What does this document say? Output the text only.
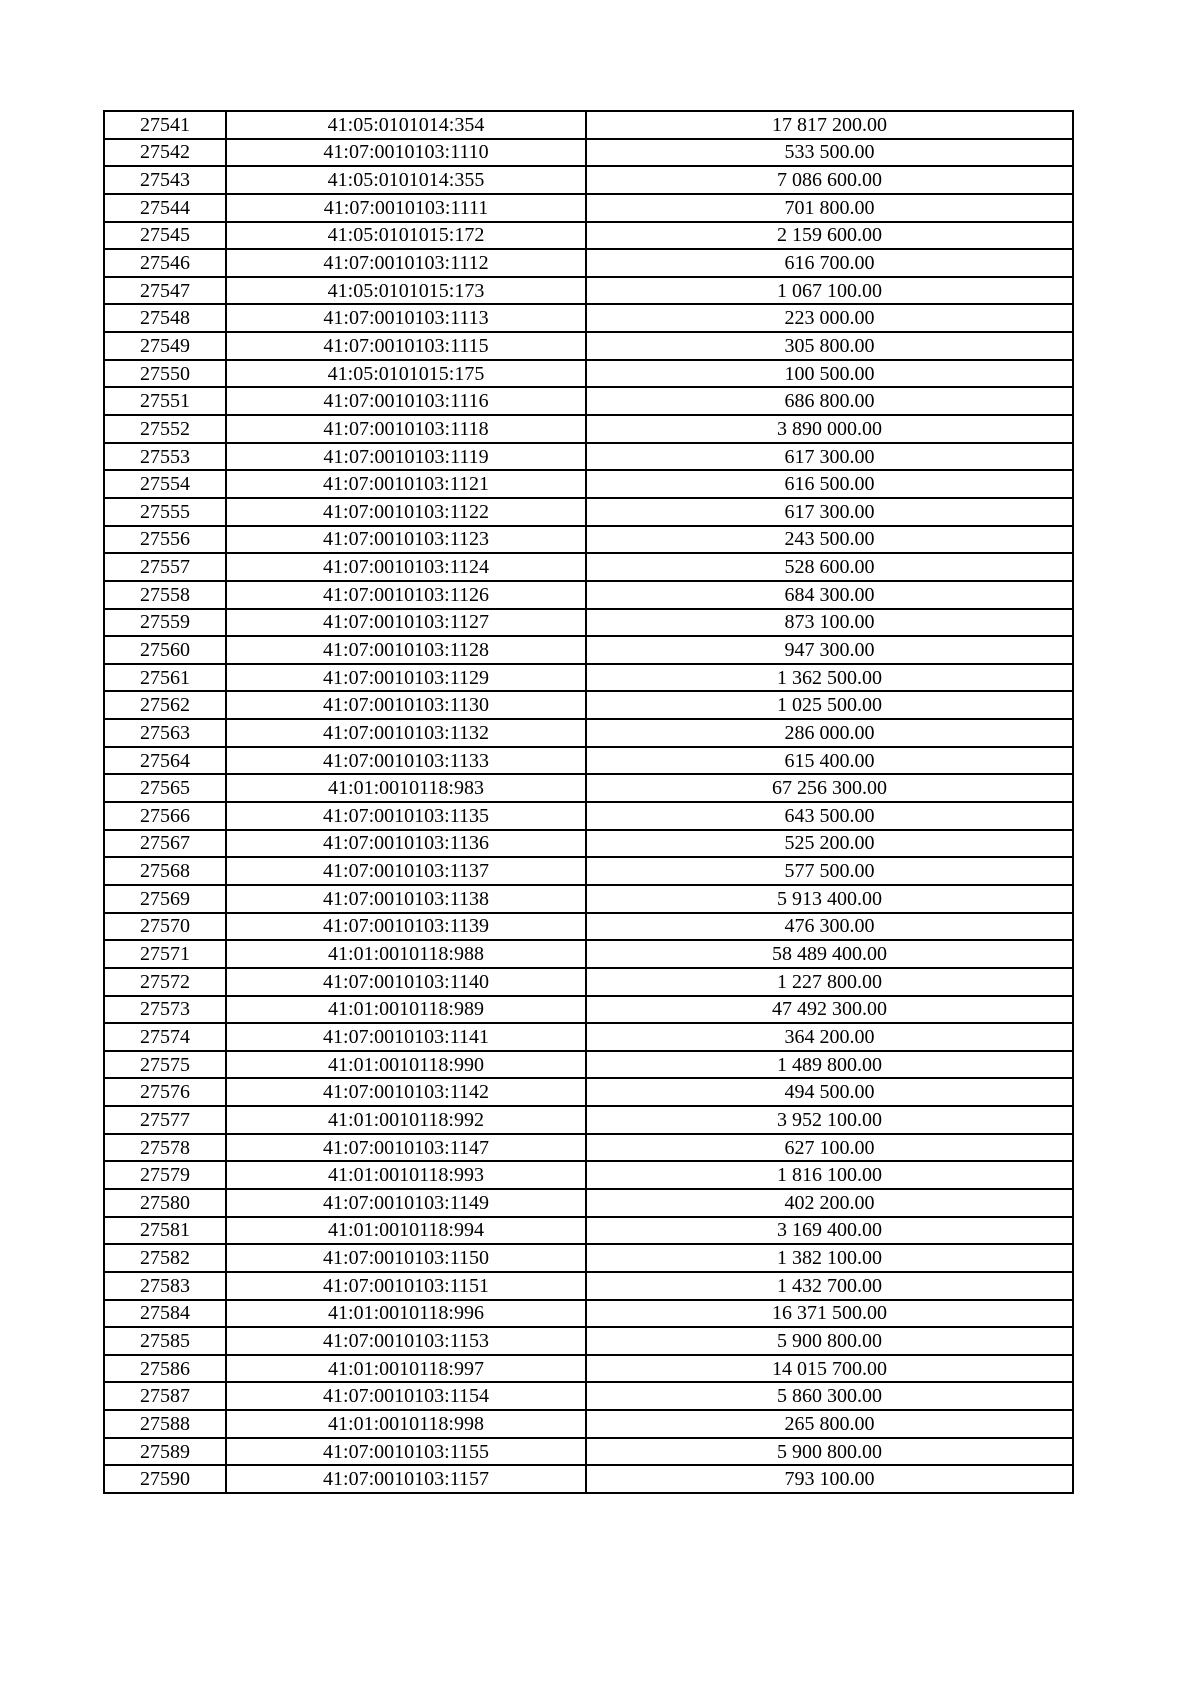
27541	41:05:0101014:354	17 817 200.00
27542	41:07:0010103:1110	533 500.00
27543	41:05:0101014:355	7 086 600.00
27544	41:07:0010103:1111	701 800.00
27545	41:05:0101015:172	2 159 600.00
27546	41:07:0010103:1112	616 700.00
27547	41:05:0101015:173	1 067 100.00
27548	41:07:0010103:1113	223 000.00
27549	41:07:0010103:1115	305 800.00
27550	41:05:0101015:175	100 500.00
27551	41:07:0010103:1116	686 800.00
27552	41:07:0010103:1118	3 890 000.00
27553	41:07:0010103:1119	617 300.00
27554	41:07:0010103:1121	616 500.00
27555	41:07:0010103:1122	617 300.00
27556	41:07:0010103:1123	243 500.00
27557	41:07:0010103:1124	528 600.00
27558	41:07:0010103:1126	684 300.00
27559	41:07:0010103:1127	873 100.00
27560	41:07:0010103:1128	947 300.00
27561	41:07:0010103:1129	1 362 500.00
27562	41:07:0010103:1130	1 025 500.00
27563	41:07:0010103:1132	286 000.00
27564	41:07:0010103:1133	615 400.00
27565	41:01:0010118:983	67 256 300.00
27566	41:07:0010103:1135	643 500.00
27567	41:07:0010103:1136	525 200.00
27568	41:07:0010103:1137	577 500.00
27569	41:07:0010103:1138	5 913 400.00
27570	41:07:0010103:1139	476 300.00
27571	41:01:0010118:988	58 489 400.00
27572	41:07:0010103:1140	1 227 800.00
27573	41:01:0010118:989	47 492 300.00
27574	41:07:0010103:1141	364 200.00
27575	41:01:0010118:990	1 489 800.00
27576	41:07:0010103:1142	494 500.00
27577	41:01:0010118:992	3 952 100.00
27578	41:07:0010103:1147	627 100.00
27579	41:01:0010118:993	1 816 100.00
27580	41:07:0010103:1149	402 200.00
27581	41:01:0010118:994	3 169 400.00
27582	41:07:0010103:1150	1 382 100.00
27583	41:07:0010103:1151	1 432 700.00
27584	41:01:0010118:996	16 371 500.00
27585	41:07:0010103:1153	5 900 800.00
27586	41:01:0010118:997	14 015 700.00
27587	41:07:0010103:1154	5 860 300.00
27588	41:01:0010118:998	265 800.00
27589	41:07:0010103:1155	5 900 800.00
27590	41:07:0010103:1157	793 100.00
